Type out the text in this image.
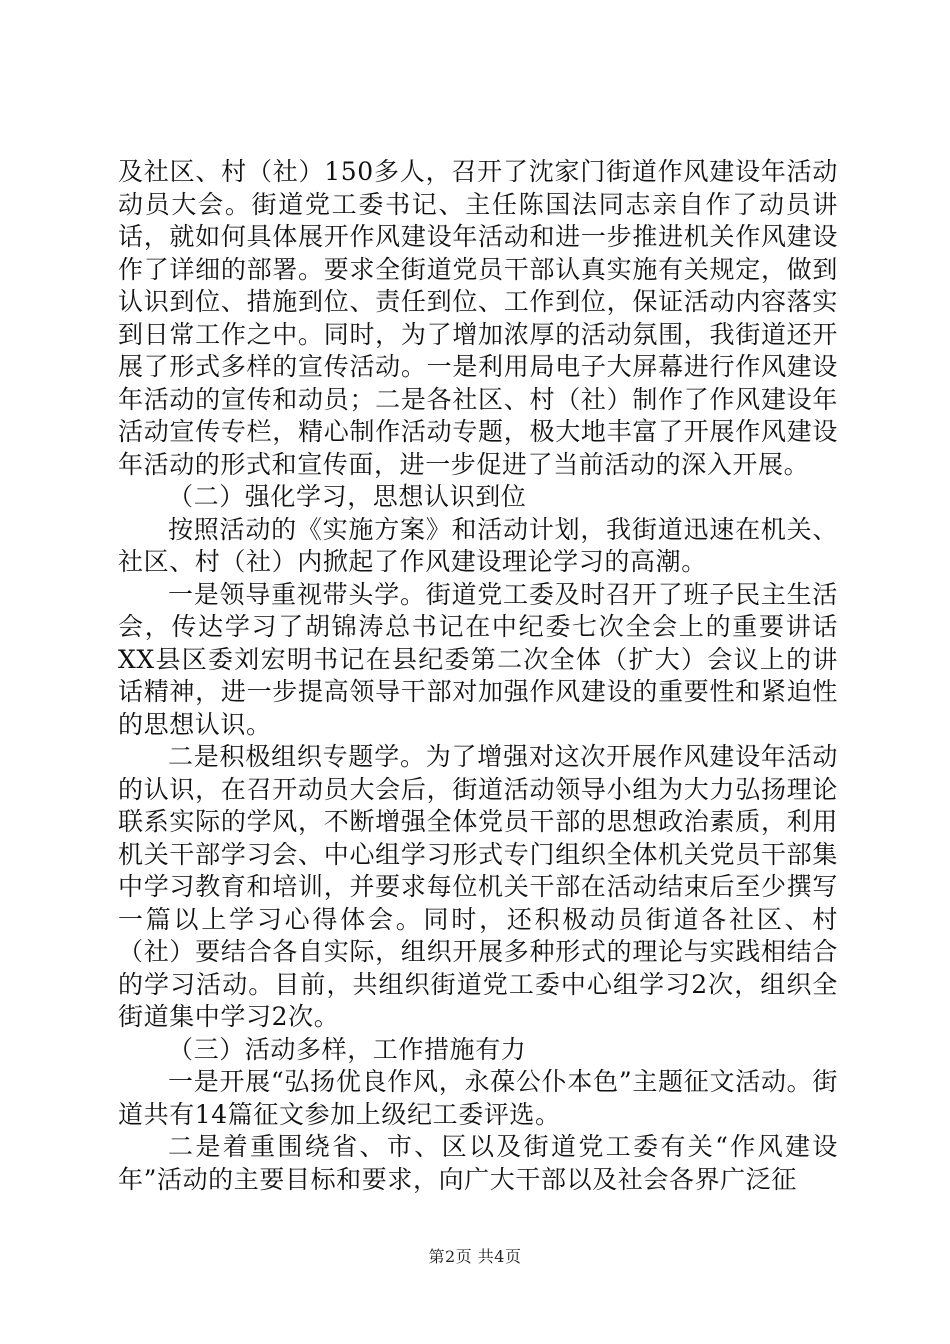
及社区、村（社）150多人，召开了沈家门街道作风建设年活动动员大会。街道党工委书记、主任陈国法同志亲自作了动员讲话，就如何具体展开作风建设年活动和进一步推进机关作风建设作了详细的部署。要求全街道党员干部认真实施有关规定，做到认识到位、措施到位、责任到位、工作到位，保证活动内容落实到日常工作之中。同时，为了增加浓厚的活动氛围，我街道还开展了形式多样的宣传活动。一是利用局电子大屏幕进行作风建设年活动的宣传和动员；二是各社区、村（社）制作了作风建设年活动宣传专栏，精心制作活动专题，极大地丰富了开展作风建设年活动的形式和宣传面，进一步促进了当前活动的深入开展。

（二）强化学习，思想认识到位

按照活动的《实施方案》和活动计划，我街道迅速在机关、社区、村（社）内掀起了作风建设理论学习的高潮。

一是领导重视带头学。街道党工委及时召开了班子民主生活会，传达学习了胡锦涛总书记在中纪委七次全会上的重要讲话XX县区委刘宏明书记在县纪委第二次全体（扩大）会议上的讲话精神，进一步提高领导干部对加强作风建设的重要性和紧迫性的思想认识。

二是积极组织专题学。为了增强对这次开展作风建设年活动的认识，在召开动员大会后，街道活动领导小组为大力弘扬理论联系实际的学风，不断增强全体党员干部的思想政治素质，利用机关干部学习会、中心组学习形式专门组织全体机关党员干部集中学习教育和培训，并要求每位机关干部在活动结束后至少撰写一篇以上学习心得体会。同时，还积极动员街道各社区、村（社）要结合各自实际，组织开展多种形式的理论与实践相结合的学习活动。目前，共组织街道党工委中心组学习2次，组织全街道集中学习2次。

（三）活动多样，工作措施有力

一是开展“弘扬优良作风，永葆公仆本色”主题征文活动。街道共有14篇征文参加上级纪工委评选。

二是着重围绕省、市、区以及街道党工委有关“作风建设年”活动的主要目标和要求，向广大干部以及社会各界广泛征

第2页 共4页
